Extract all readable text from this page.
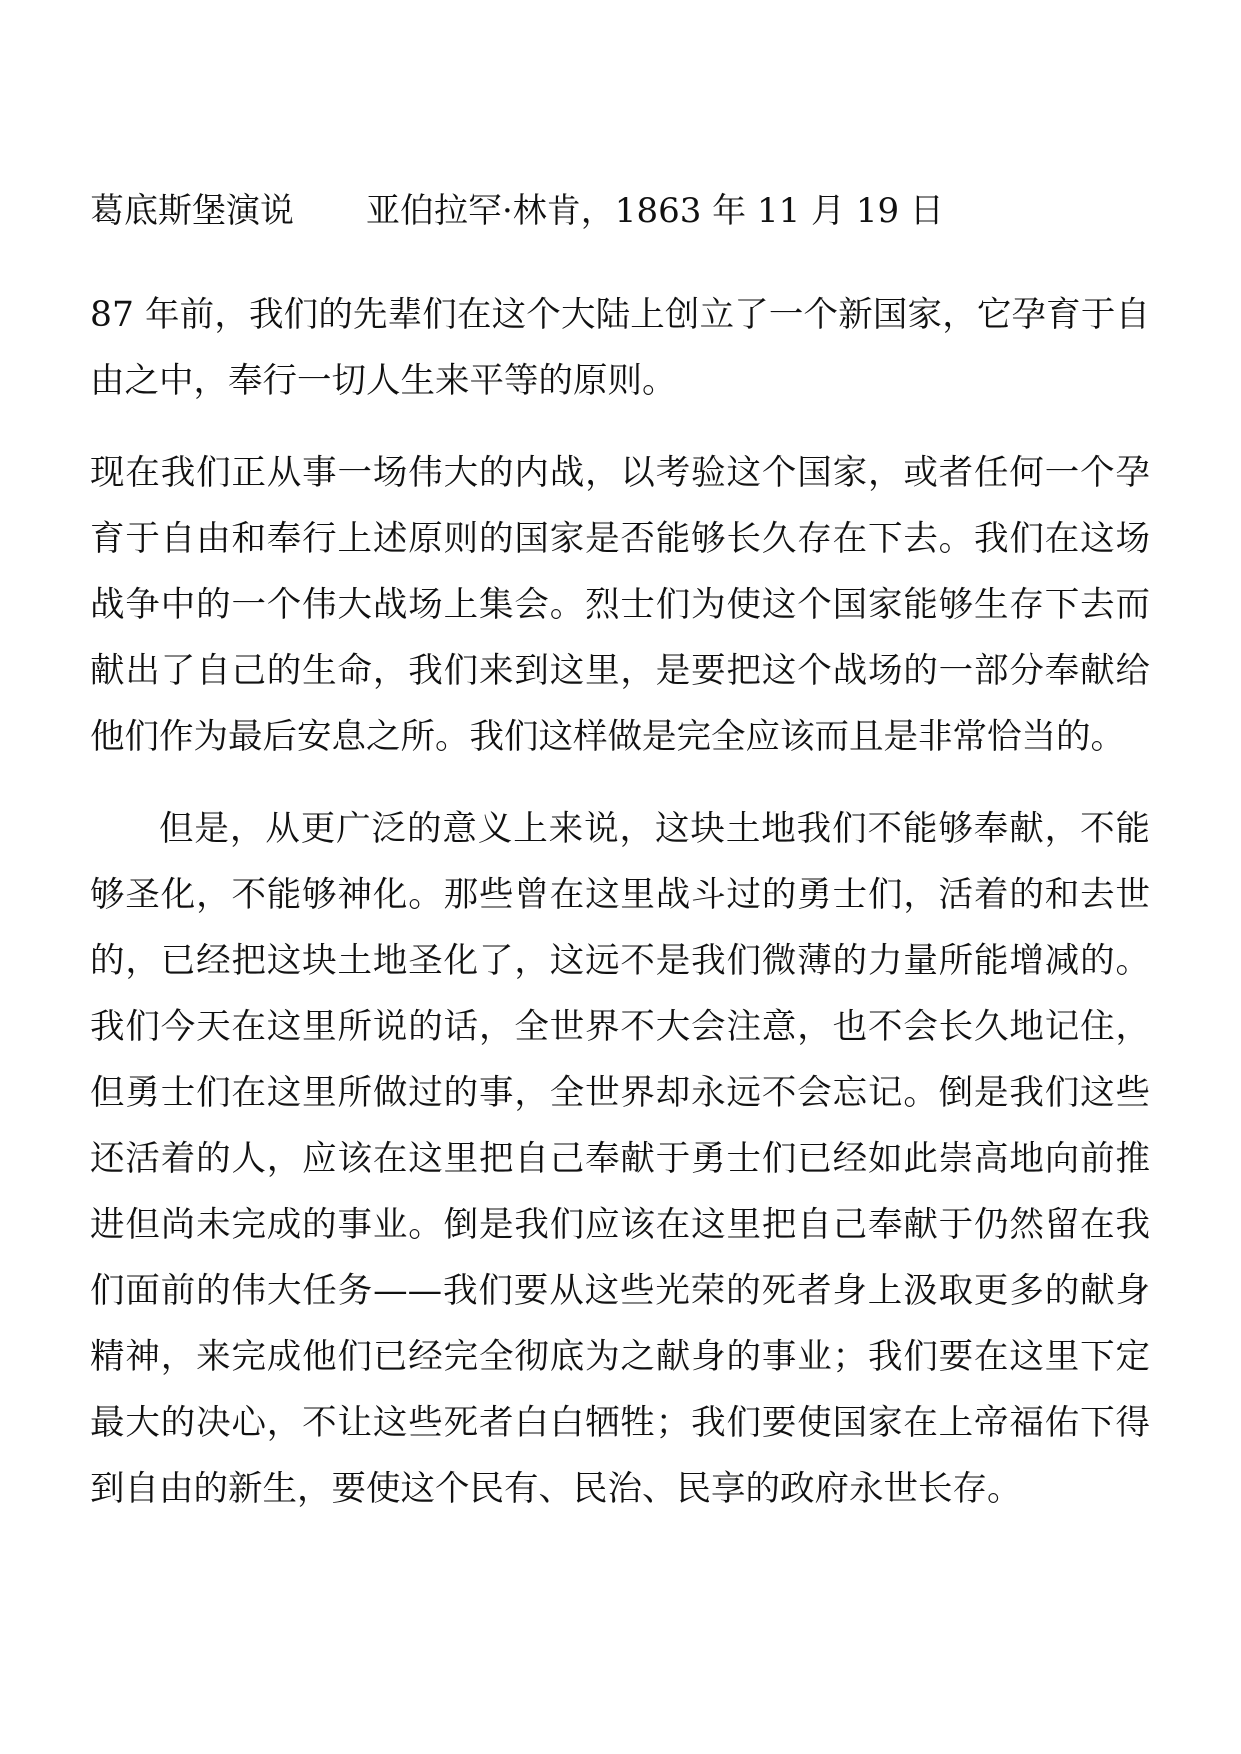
葛底斯堡演说 亚伯拉罕·林肯，1863 年 11 月 19 日

87 年前，我们的先辈们在这个大陆上创立了一个新国家，它孕育于自由之中，奉行一切人生来平等的原则。

现在我们正从事一场伟大的内战，以考验这个国家，或者任何一个孕育于自由和奉行上述原则的国家是否能够长久存在下去。我们在这场战争中的一个伟大战场上集会。烈士们为使这个国家能够生存下去而献出了自己的生命，我们来到这里，是要把这个战场的一部分奉献给他们作为最后安息之所。我们这样做是完全应该而且是非常恰当的。

但是，从更广泛的意义上来说，这块土地我们不能够奉献，不能够圣化，不能够神化。那些曾在这里战斗过的勇士们，活着的和去世的，已经把这块土地圣化了，这远不是我们微薄的力量所能增减的。我们今天在这里所说的话，全世界不大会注意，也不会长久地记住，但勇士们在这里所做过的事，全世界却永远不会忘记。倒是我们这些还活着的人，应该在这里把自己奉献于勇士们已经如此崇高地向前推进但尚未完成的事业。倒是我们应该在这里把自己奉献于仍然留在我们面前的伟大任务——我们要从这些光荣的死者身上汲取更多的献身精神，来完成他们已经完全彻底为之献身的事业；我们要在这里下定最大的决心，不让这些死者白白牺牲；我们要使国家在上帝福佑下得到自由的新生，要使这个民有、民治、民享的政府永世长存。
